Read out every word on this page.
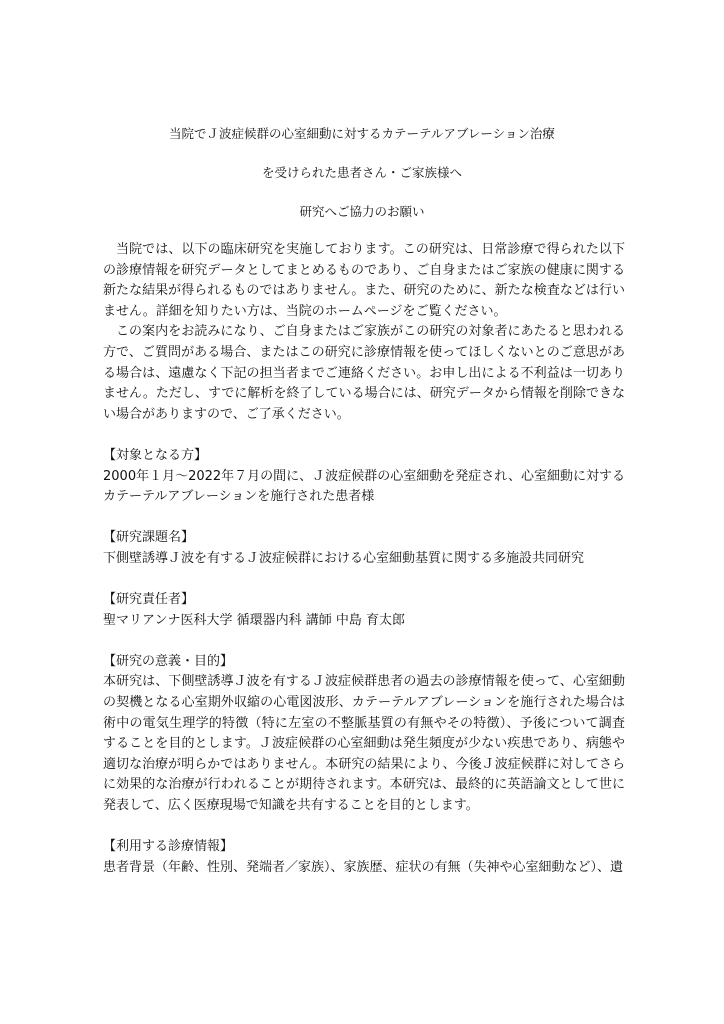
当院でＪ波症候群の心室細動に対するカテーテルアブレーション治療
を受けられた患者さん・ご家族様へ
研究へご協力のお願い

当院では、以下の臨床研究を実施しております。この研究は、日常診療で得られた以下の診療情報を研究データとしてまとめるものであり、ご自身またはご家族の健康に関する新たな結果が得られるものではありません。また、研究のために、新たな検査などは行いません。詳細を知りたい方は、当院のホームページをご覧ください。

この案内をお読みになり、ご自身またはご家族がこの研究の対象者にあたると思われる方で、ご質問がある場合、またはこの研究に診療情報を使ってほしくないとのご意思がある場合は、遠慮なく下記の担当者までご連絡ください。お申し出による不利益は一切ありません。ただし、すでに解析を終了している場合には、研究データから情報を削除できない場合がありますので、ご了承ください。

【対象となる方】

2000年１月～2022年７月の間に、Ｊ波症候群の心室細動を発症され、心室細動に対するカテーテルアブレーションを施行された患者様

【研究課題名】

下側壁誘導Ｊ波を有するＪ波症候群における心室細動基質に関する多施設共同研究

【研究責任者】

聖マリアンナ医科大学 循環器内科 講師 中島 育太郎

【研究の意義・目的】

本研究は、下側壁誘導Ｊ波を有するＪ波症候群患者の過去の診療情報を使って、心室細動の契機となる心室期外収縮の心電図波形、カテーテルアブレーションを施行された場合は術中の電気生理学的特徴（特に左室の不整脈基質の有無やその特徴）、予後について調査することを目的とします。Ｊ波症候群の心室細動は発生頻度が少ない疾患であり、病態や適切な治療が明らかではありません。本研究の結果により、今後Ｊ波症候群に対してさらに効果的な治療が行われることが期待されます。本研究は、最終的に英語論文として世に発表して、広く医療現場で知識を共有することを目的とします。

【利用する診療情報】

患者背景（年齢、性別、発端者／家族）、家族歴、症状の有無（失神や心室細動など）、遺
